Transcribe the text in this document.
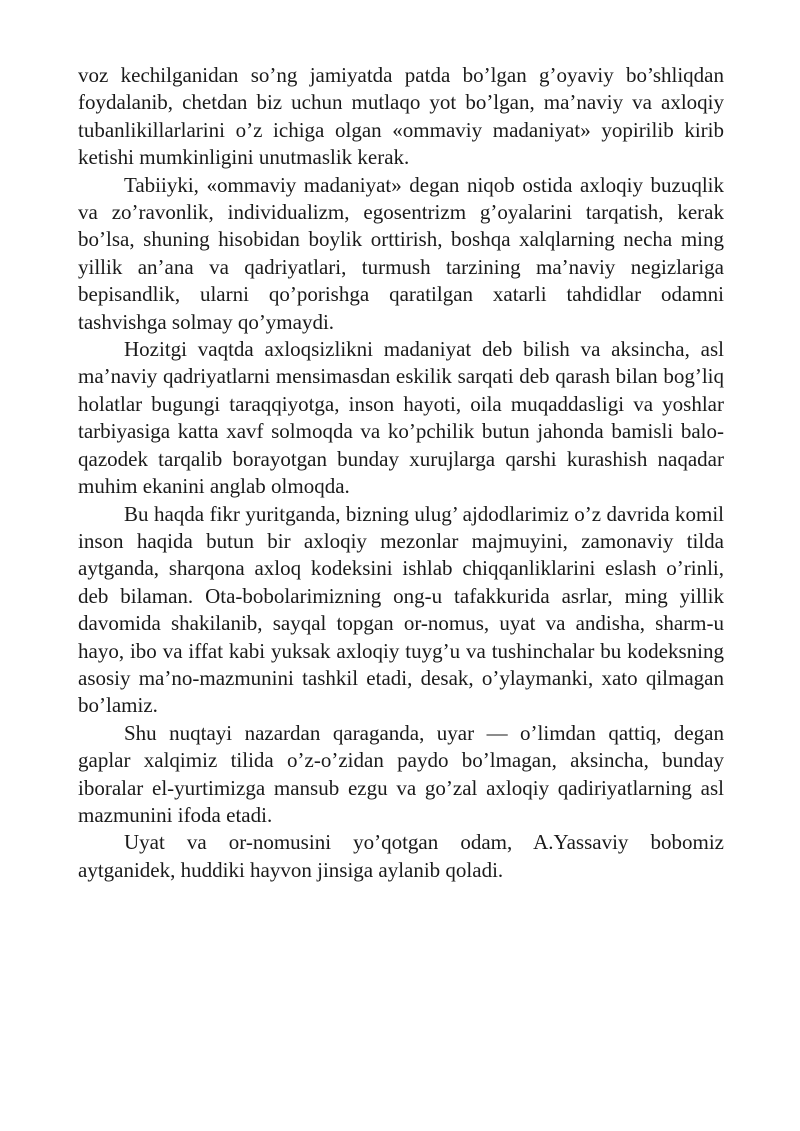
voz kechilganidan so’ng jamiyatda patda bo’lgan g’oyaviy bo’shliqdan foydalanib, chetdan biz uchun mutlaqo yot bo’lgan, ma’naviy va axloqiy tubanlikillarlarini o’z ichiga olgan «ommaviy madaniyat» yopirilib kirib ketishi mumkinligini unutmaslik kerak.

Tabiiyki, «ommaviy madaniyat» degan niqob ostida axloqiy buzuqlik va zo’ravonlik, individualizm, egosentrizm g’oyalarini tarqatish, kerak bo’lsa, shuning hisobidan boylik orttirish, boshqa xalqlarning necha ming yillik an’ana va qadriyatlari, turmush tarzining ma’naviy negizlariga bepisandlik, ularni qo’porishga qaratilgan xatarli tahdidlar odamni tashvishga solmay qo’ymaydi.

Hozitgi vaqtda axloqsizlikni madaniyat deb bilish va aksincha, asl ma’naviy qadriyatlarni mensimasdan eskilik sarqati deb qarash bilan bog’liq holatlar bugungi taraqqiyotga, inson hayoti, oila muqaddasligi va yoshlar tarbiyasiga katta xavf solmoqda va ko’pchilik butun jahonda bamisli balo-qazodek tarqalib borayotgan bunday xurujlarga qarshi kurashish naqadar muhim ekanini anglab olmoqda.

Bu haqda fikr yuritganda, bizning ulug’ ajdodlarimiz o’z davrida komil inson haqida butun bir axloqiy mezonlar majmuyini, zamonaviy tilda aytganda, sharqona axloq kodeksini ishlab chiqqanliklarini eslash o’rinli, deb bilaman. Ota-bobolarimizning ong-u tafakkurida asrlar, ming yillik davomida shakilanib, sayqal topgan or-nomus, uyat va andisha, sharm-u hayo, ibo va iffat kabi yuksak axloqiy tuyg’u va tushinchalar bu kodeksning asosiy ma’no-mazmunini tashkil etadi, desak, o’ylaymanki, xato qilmagan bo’lamiz.

Shu nuqtayi nazardan qaraganda, uyar — o’limdan qattiq, degan gaplar xalqimiz tilida o’z-o’zidan paydo bo’lmagan, aksincha, bunday iboralar el-yurtimizga mansub ezgu va go’zal axloqiy qadiriyatlarning asl mazmunini ifoda etadi.

Uyat va or-nomusini yo’qotgan odam, A.Yassaviy bobomiz aytganidek, huddiki hayvon jinsiga aylanib qoladi.
